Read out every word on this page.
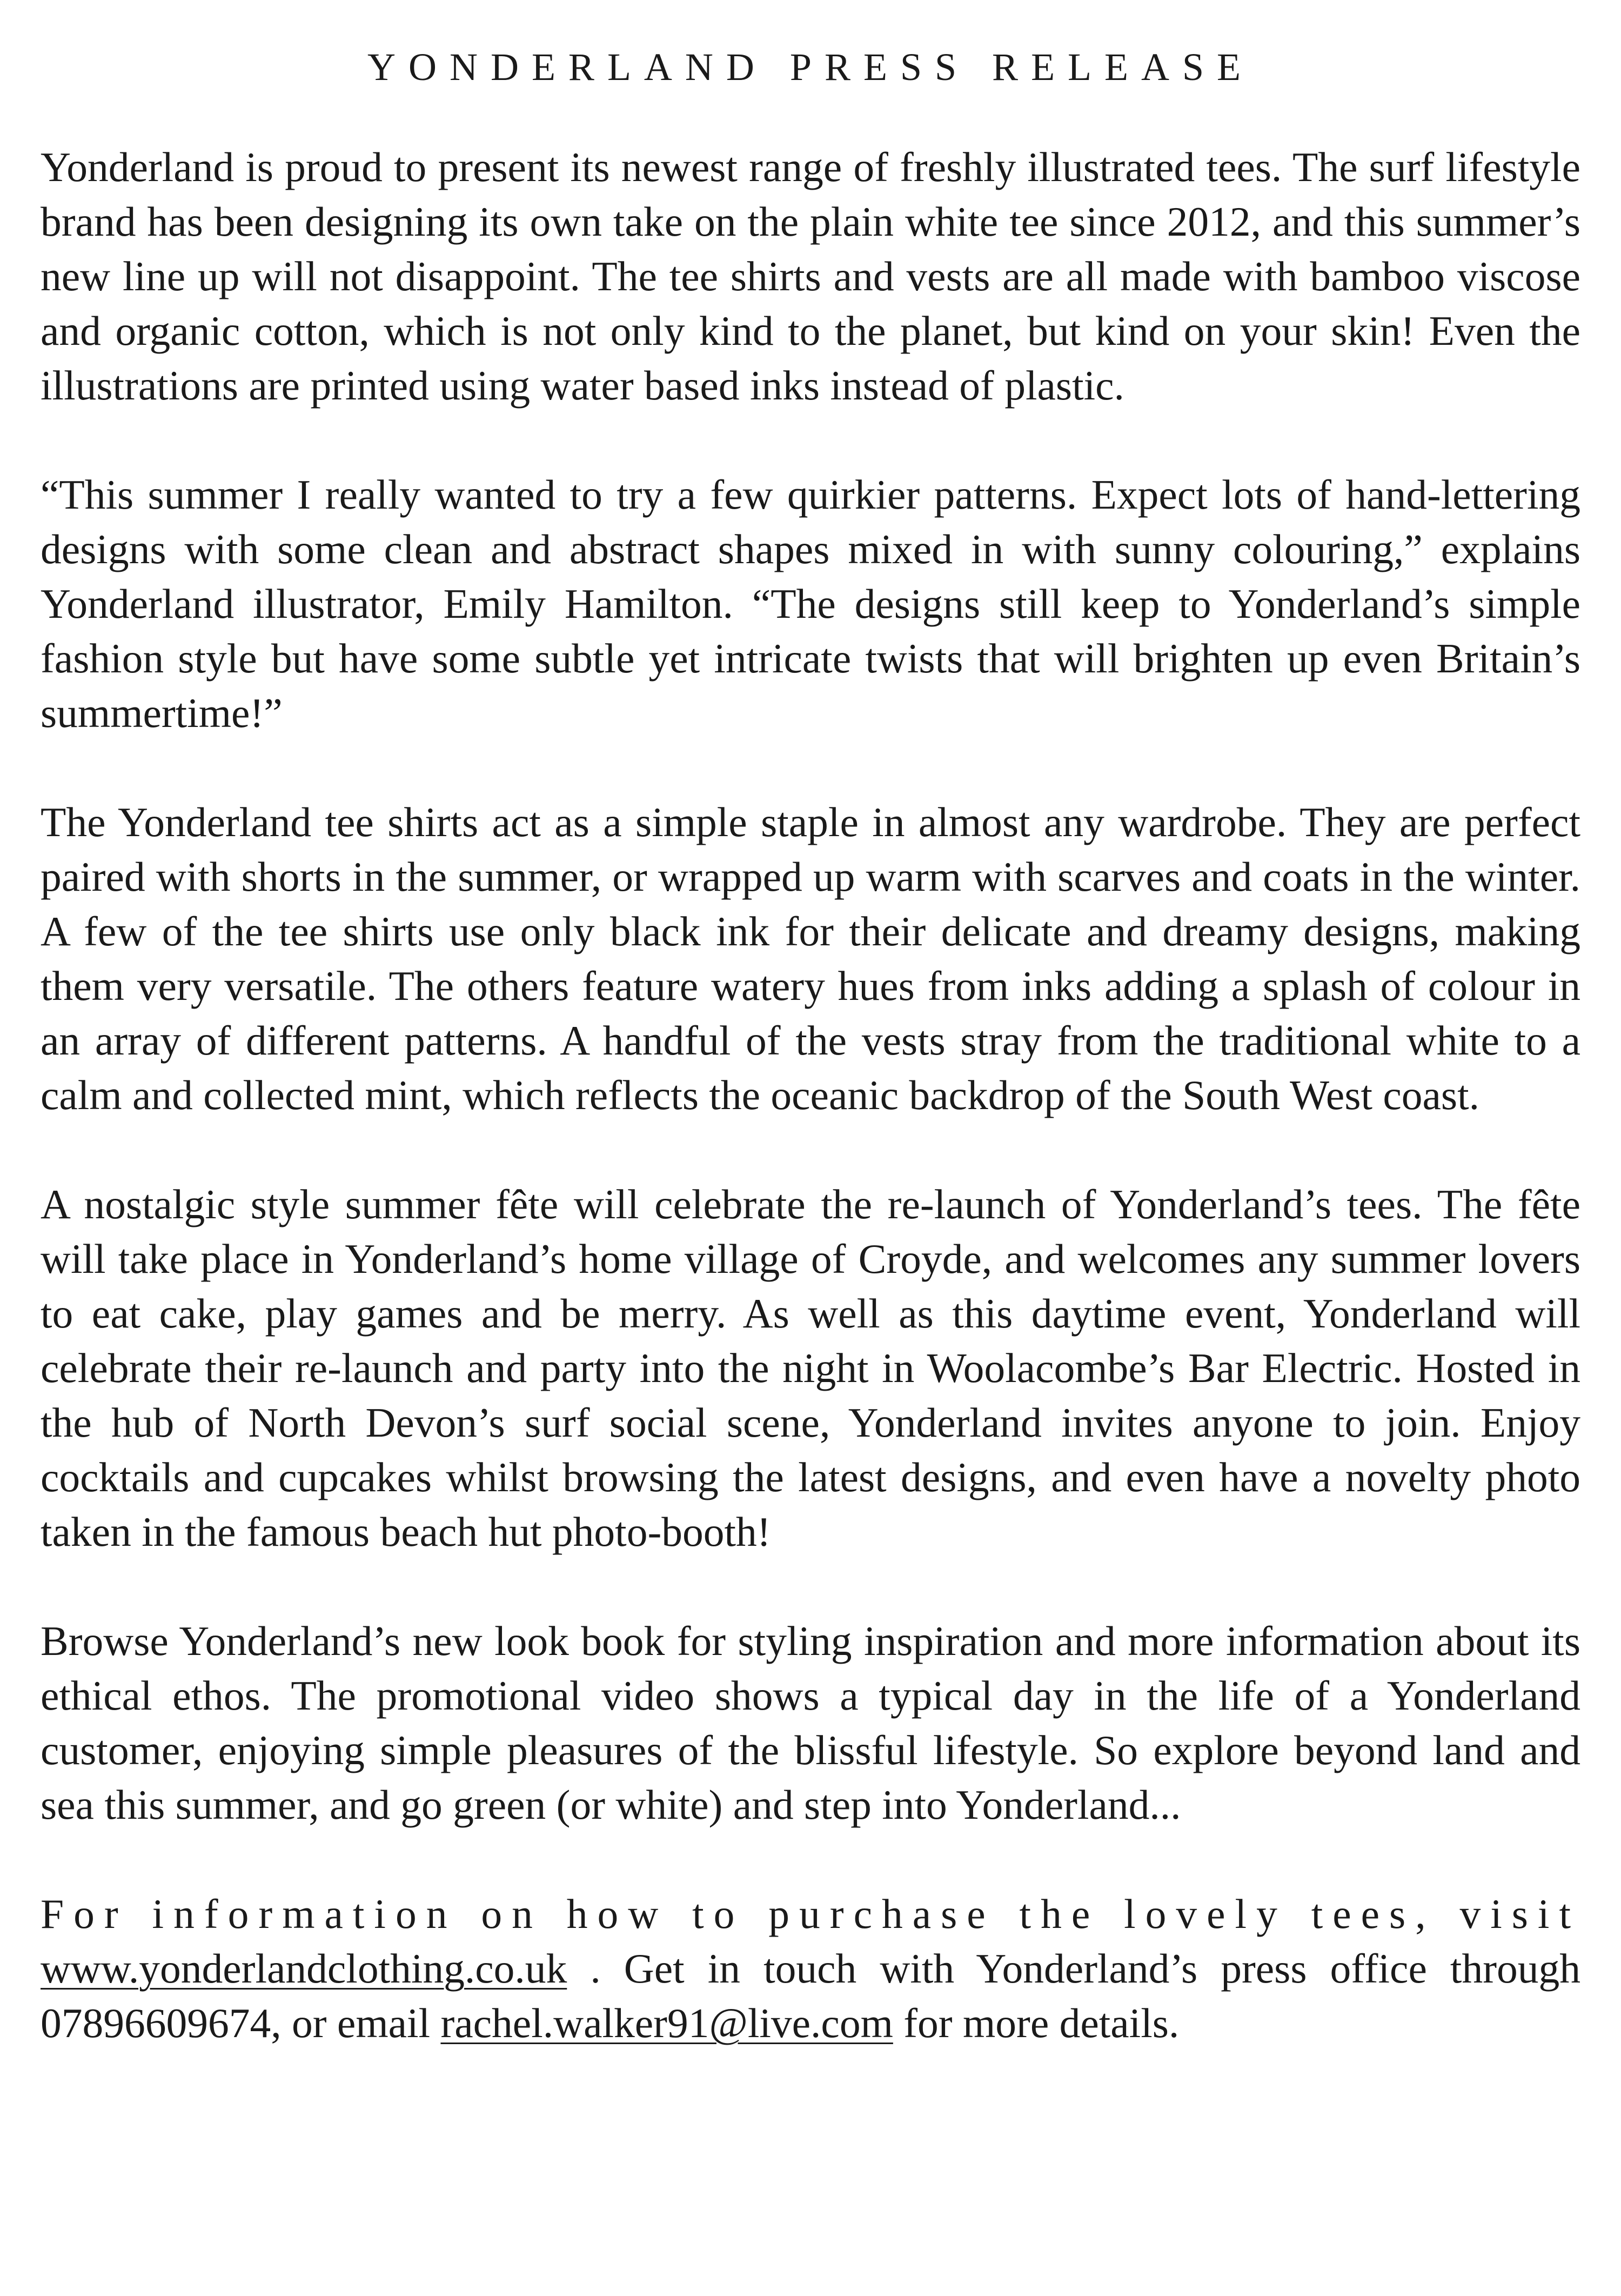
YONDERLAND PRESS RELEASE

Yonderland is proud to present its newest range of freshly illustrated tees. The surf lifestyle brand has been designing its own take on the plain white tee since 2012, and this summer’s new line up will not disappoint. The tee shirts and vests are all made with bamboo viscose and organic cotton, which is not only kind to the planet, but kind on your skin! Even the illustrations are printed using water based inks instead of plastic.

“This summer I really wanted to try a few quirkier patterns. Expect lots of hand-lettering designs with some clean and abstract shapes mixed in with sunny colouring,” explains Yonderland illustrator, Emily Hamilton. “The designs still keep to Yonderland’s simple fashion style but have some subtle yet intricate twists that will brighten up even Britain’s summertime!”

The Yonderland tee shirts act as a simple staple in almost any wardrobe. They are perfect paired with shorts in the summer, or wrapped up warm with scarves and coats in the winter. A few of the tee shirts use only black ink for their delicate and dreamy designs, making them very versatile. The others feature watery hues from inks adding a splash of colour in an array of different patterns. A handful of the vests stray from the traditional white to a calm and collected mint, which reflects the oceanic backdrop of the South West coast.

A nostalgic style summer fête will celebrate the re-launch of Yonderland’s tees. The fête will take place in Yonderland’s home village of Croyde, and welcomes any summer lovers to eat cake, play games and be merry. As well as this daytime event, Yonderland will celebrate their re-launch and party into the night in Woolacombe’s Bar Electric. Hosted in the hub of North Devon’s surf social scene, Yonderland invites anyone to join. Enjoy cocktails and cupcakes whilst browsing the latest designs, and even have a novelty photo taken in the famous beach hut photo-booth!

Browse Yonderland’s new look book for styling inspiration and more information about its ethical ethos. The promotional video shows a typical day in the life of a Yonderland customer, enjoying simple pleasures of the blissful lifestyle. So explore beyond land and sea this summer, and go green (or white) and step into Yonderland...

For information on how to purchase the lovely tees, visit
www.yonderlandclothing.co.uk . Get in touch with Yonderland’s press office through 07896609674, or email rachel.walker91@live.com for more details.
